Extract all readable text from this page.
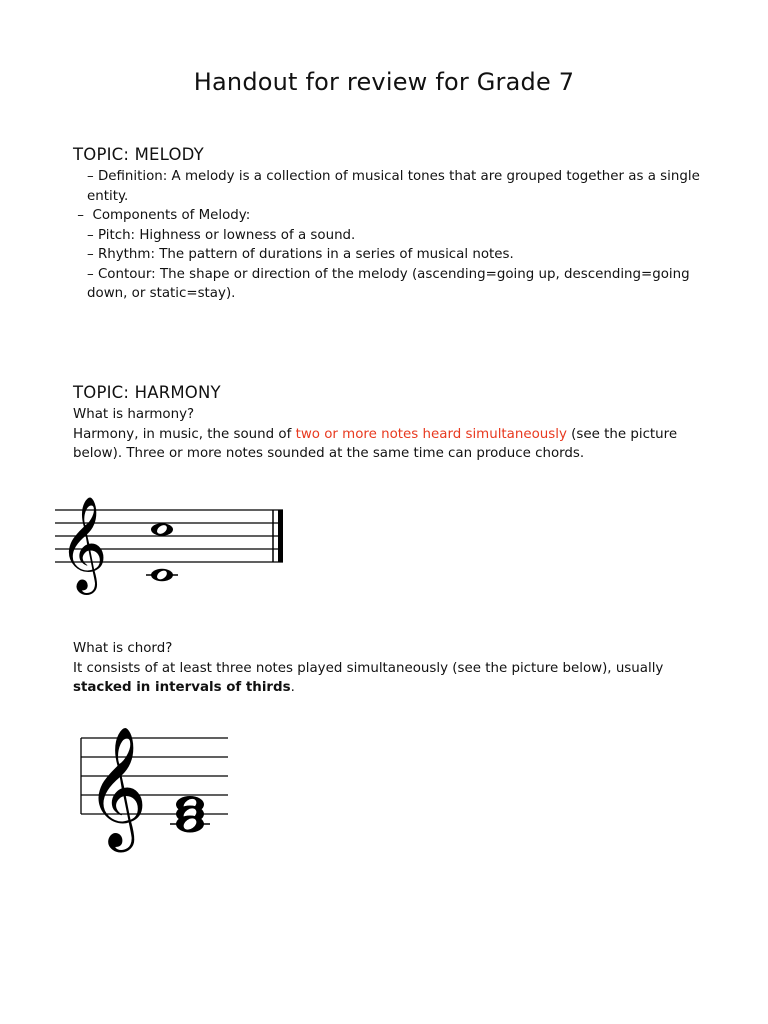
Handout for review for Grade 7
TOPIC: MELODY
– Definition: A melody is a collection of musical tones that are grouped together as a single entity.
–  Components of Melody:
– Pitch: Highness or lowness of a sound.
– Rhythm: The pattern of durations in a series of musical notes.
– Contour: The shape or direction of the melody (ascending=going up, descending=going down, or static=stay).
TOPIC: HARMONY
What is harmony?
Harmony, in music, the sound of two or more notes heard simultaneously (see the picture below). Three or more notes sounded at the same time can produce chords.
𝄞
What is chord?
It consists of at least three notes played simultaneously (see the picture below), usually stacked in intervals of thirds.
𝄞
